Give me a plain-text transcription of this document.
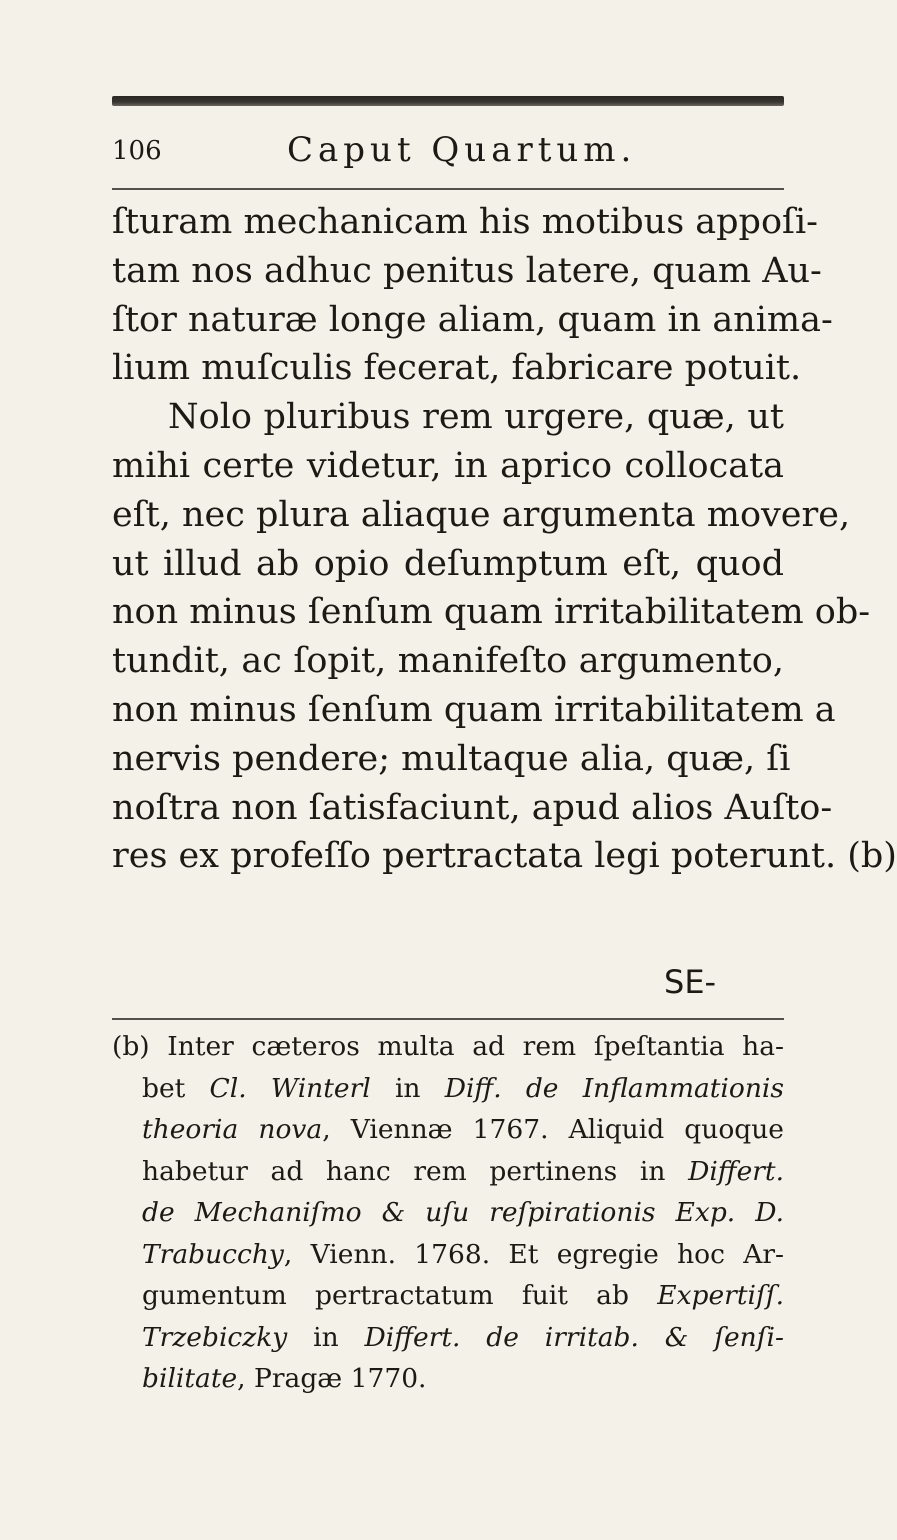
106	Caput Quartum.
ſturam mechanicam his motibus appoſi-
tam nos adhuc penitus latere, quam Au-
ſtor naturæ longe aliam, quam in anima-
lium muſculis fecerat, fabricare potuit.
Nolo pluribus rem urgere, quæ, ut
mihi certe videtur, in aprico collocata
eſt, nec plura aliaque argumenta movere,
ut illud ab opio deſumptum eſt, quod
non minus ſenſum quam irritabilitatem ob-
tundit, ac ſopit, manifeſto argumento,
non minus ſenſum quam irritabilitatem a
nervis pendere; multaque alia, quæ, ſi
noſtra non ſatisfaciunt, apud alios Auſto-
res ex profeſſo pertractata legi poterunt. (b)
SE-
(b) Inter cæteros multa ad rem ſpeſtantia ha-
bet Cl. Winterl in Diff. de Inflammationis
theoria nova, Viennæ 1767. Aliquid quoque
habetur ad hanc rem pertinens in Differt.
de Mechaniſmo & uſu reſpirationis Exp. D.
Trabucchy, Vienn. 1768. Et egregie hoc Ar-
gumentum pertractatum fuit ab Expertiſſ.
Trzebiczky in Differt. de irritab. & ſenſi-
bilitate, Pragæ 1770.
